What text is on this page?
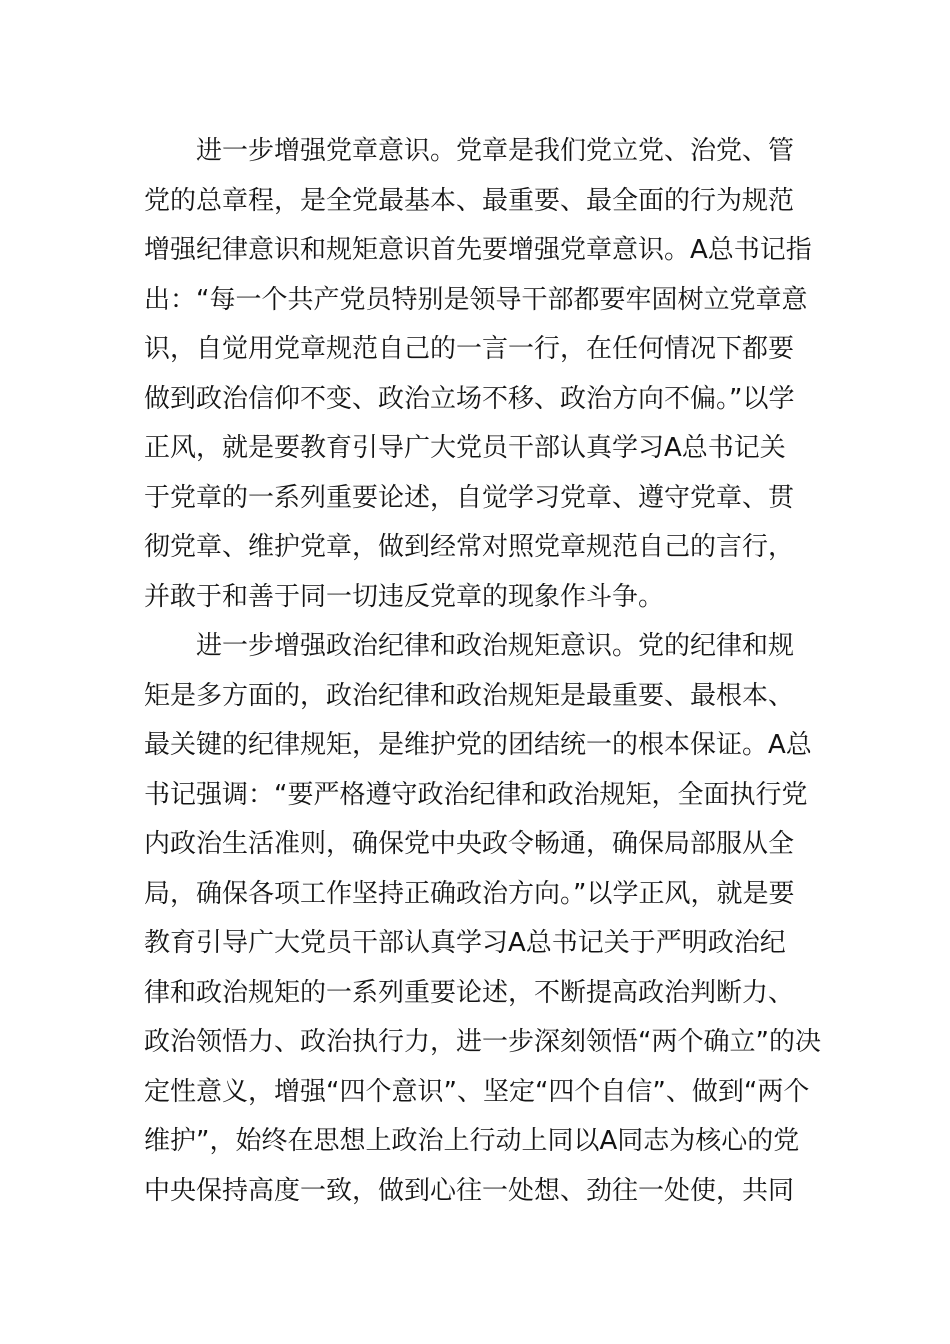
进一步增强党章意识。党章是我们党立党、治党、管
党的总章程，是全党最基本、最重要、最全面的行为规范
增强纪律意识和规矩意识首先要增强党章意识。A总书记指
出：“每一个共产党员特别是领导干部都要牢固树立党章意
识，自觉用党章规范自己的一言一行，在任何情况下都要
做到政治信仰不变、政治立场不移、政治方向不偏。”以学
正风，就是要教育引导广大党员干部认真学习A总书记关
于党章的一系列重要论述，自觉学习党章、遵守党章、贯
彻党章、维护党章，做到经常对照党章规范自己的言行，
并敢于和善于同一切违反党章的现象作斗争。
进一步增强政治纪律和政治规矩意识。党的纪律和规
矩是多方面的，政治纪律和政治规矩是最重要、最根本、
最关键的纪律规矩，是维护党的团结统一的根本保证。A总
书记强调：“要严格遵守政治纪律和政治规矩，全面执行党
内政治生活准则，确保党中央政令畅通，确保局部服从全
局，确保各项工作坚持正确政治方向。”以学正风，就是要
教育引导广大党员干部认真学习A总书记关于严明政治纪
律和政治规矩的一系列重要论述，不断提高政治判断力、
政治领悟力、政治执行力，进一步深刻领悟“两个确立”的决
定性意义，增强“四个意识”、坚定“四个自信”、做到“两个
维护”，始终在思想上政治上行动上同以A同志为核心的党
中央保持高度一致，做到心往一处想、劲往一处使，共同
